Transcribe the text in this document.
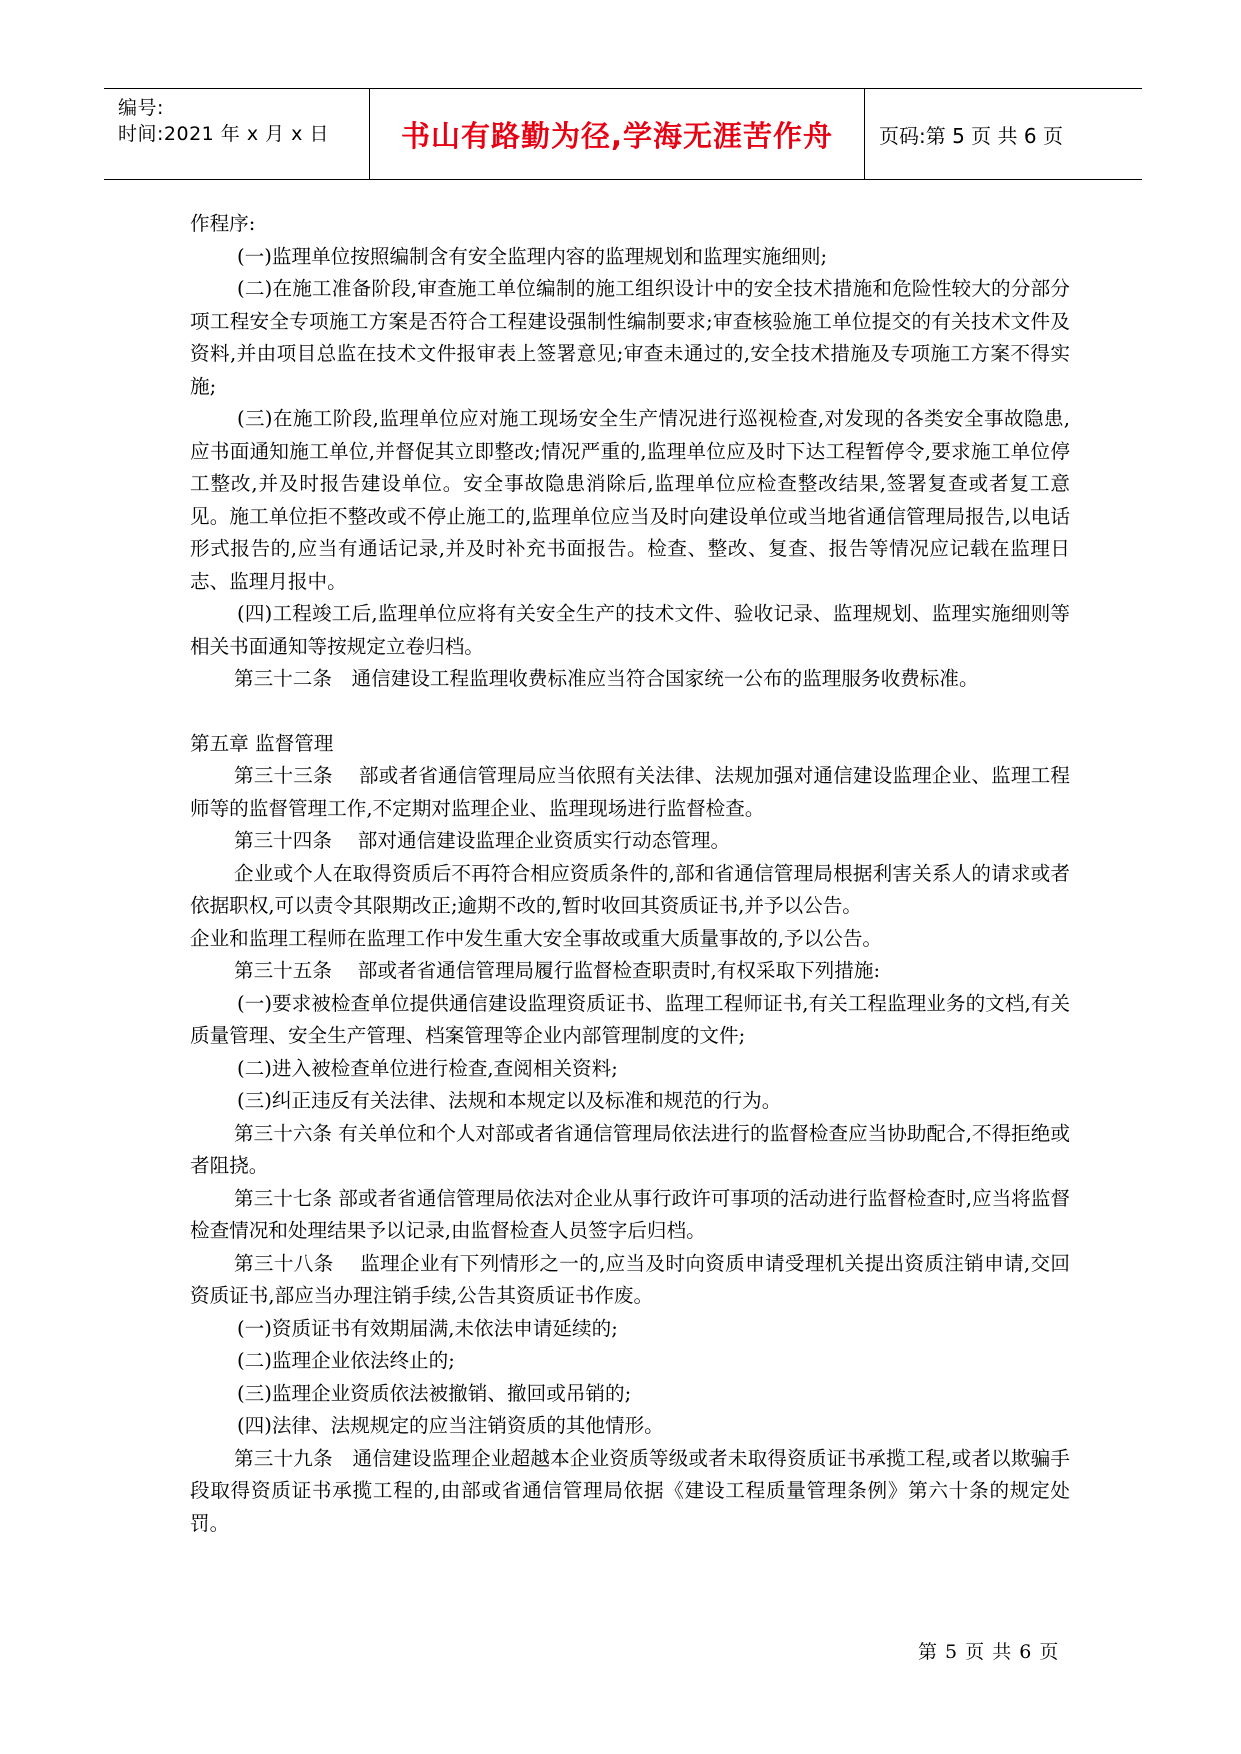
编号:
时间:2021 年 x 月 x 日 书山有路勤为径,学海无涯苦作舟 页码:第 5 页 共 6 页

作程序:

(一)监理单位按照编制含有安全监理内容的监理规划和监理实施细则;

(二)在施工准备阶段,审查施工单位编制的施工组织设计中的安全技术措施和危险性较大的分部分项工程安全专项施工方案是否符合工程建设强制性编制要求;审查核验施工单位提交的有关技术文件及资料,并由项目总监在技术文件报审表上签署意见;审查未通过的,安全技术措施及专项施工方案不得实施;

(三)在施工阶段,监理单位应对施工现场安全生产情况进行巡视检查,对发现的各类安全事故隐患,应书面通知施工单位,并督促其立即整改;情况严重的,监理单位应及时下达工程暂停令,要求施工单位停工整改,并及时报告建设单位。安全事故隐患消除后,监理单位应检查整改结果,签署复查或者复工意见。施工单位拒不整改或不停止施工的,监理单位应当及时向建设单位或当地省通信管理局报告,以电话形式报告的,应当有通话记录,并及时补充书面报告。检查、整改、复查、报告等情况应记载在监理日志、监理月报中。

(四)工程竣工后,监理单位应将有关安全生产的技术文件、验收记录、监理规划、监理实施细则等相关书面通知等按规定立卷归档。

第三十二条　通信建设工程监理收费标准应当符合国家统一公布的监理服务收费标准。

第五章 监督管理

第三十三条　 部或者省通信管理局应当依照有关法律、法规加强对通信建设监理企业、监理工程师等的监督管理工作,不定期对监理企业、监理现场进行监督检查。

第三十四条　 部对通信建设监理企业资质实行动态管理。

企业或个人在取得资质后不再符合相应资质条件的,部和省通信管理局根据利害关系人的请求或者依据职权,可以责令其限期改正;逾期不改的,暂时收回其资质证书,并予以公告。

企业和监理工程师在监理工作中发生重大安全事故或重大质量事故的,予以公告。

第三十五条　 部或者省通信管理局履行监督检查职责时,有权采取下列措施:

(一)要求被检查单位提供通信建设监理资质证书、监理工程师证书,有关工程监理业务的文档,有关质量管理、安全生产管理、档案管理等企业内部管理制度的文件;

(二)进入被检查单位进行检查,查阅相关资料;

(三)纠正违反有关法律、法规和本规定以及标准和规范的行为。

第三十六条 有关单位和个人对部或者省通信管理局依法进行的监督检查应当协助配合,不得拒绝或者阻挠。

第三十七条 部或者省通信管理局依法对企业从事行政许可事项的活动进行监督检查时,应当将监督检查情况和处理结果予以记录,由监督检查人员签字后归档。

第三十八条　 监理企业有下列情形之一的,应当及时向资质申请受理机关提出资质注销申请,交回资质证书,部应当办理注销手续,公告其资质证书作废。

(一)资质证书有效期届满,未依法申请延续的;

(二)监理企业依法终止的;

(三)监理企业资质依法被撤销、撤回或吊销的;

(四)法律、法规规定的应当注销资质的其他情形。

第三十九条　通信建设监理企业超越本企业资质等级或者未取得资质证书承揽工程,或者以欺骗手段取得资质证书承揽工程的,由部或省通信管理局依据《建设工程质量管理条例》第六十条的规定处罚。

第 5 页 共 6 页
